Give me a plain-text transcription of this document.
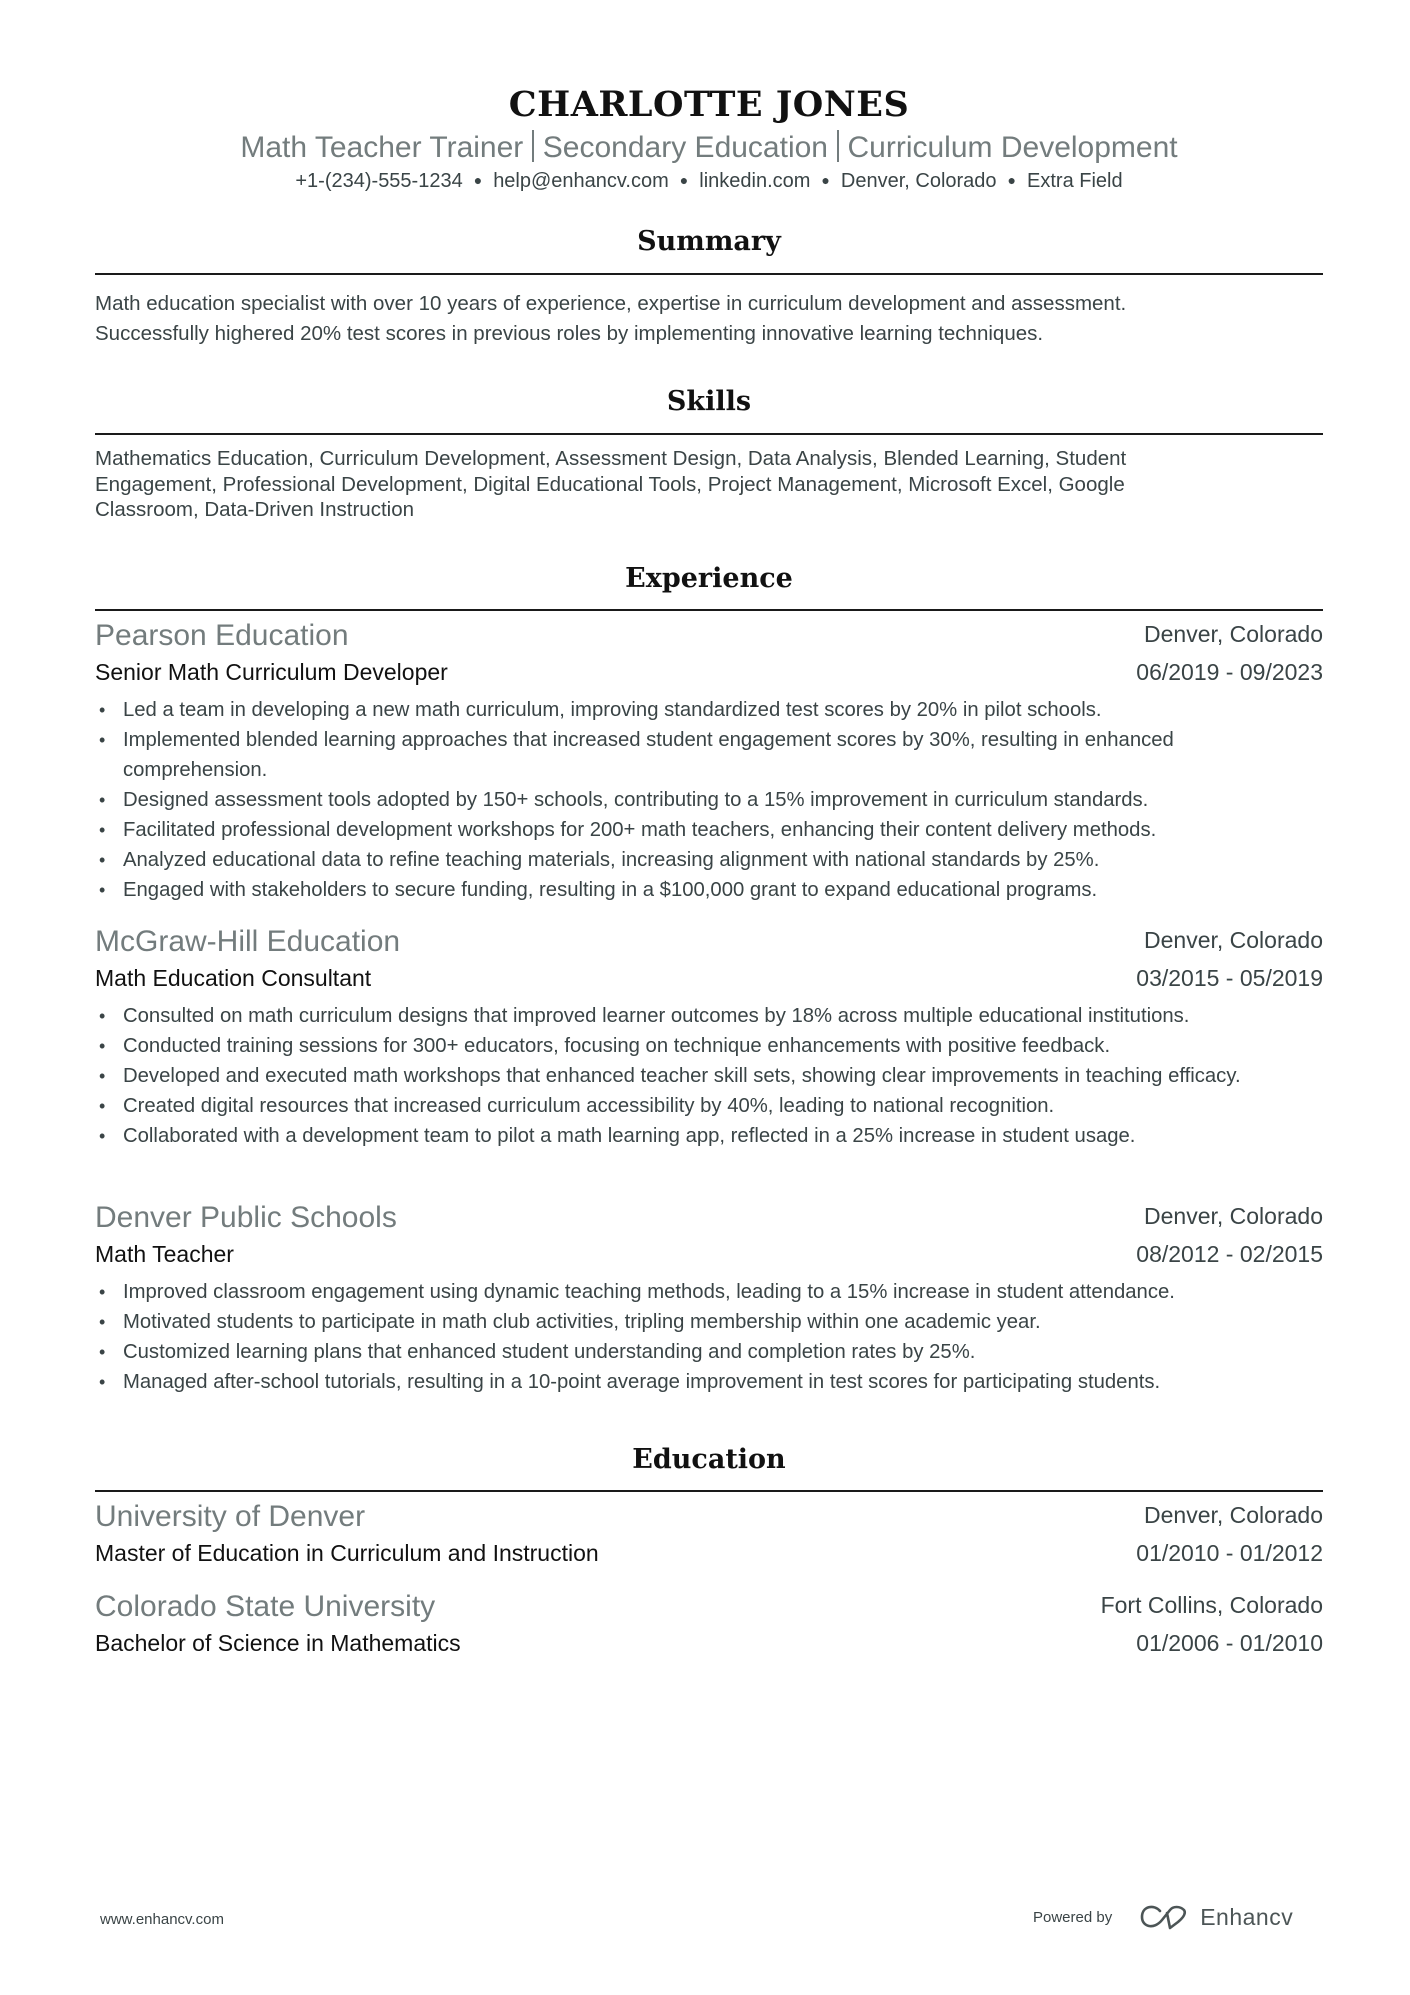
CHARLOTTE JONES
Math Teacher Trainer Secondary Education Curriculum Development
+1-(234)-555-1234 ● help@enhancv.com ● linkedin.com ● Denver, Colorado ● Extra Field
Summary
Math education specialist with over 10 years of experience, expertise in curriculum development and assessment.
Successfully highered 20% test scores in previous roles by implementing innovative learning techniques.
Skills
Mathematics Education, Curriculum Development, Assessment Design, Data Analysis, Blended Learning, Student
Engagement, Professional Development, Digital Educational Tools, Project Management, Microsoft Excel, Google
Classroom, Data-Driven Instruction
Experience
Pearson Education	Denver, Colorado
Senior Math Curriculum Developer	06/2019 - 09/2023
• Led a team in developing a new math curriculum, improving standardized test scores by 20% in pilot schools.
• Implemented blended learning approaches that increased student engagement scores by 30%, resulting in enhanced comprehension.
• Designed assessment tools adopted by 150+ schools, contributing to a 15% improvement in curriculum standards.
• Facilitated professional development workshops for 200+ math teachers, enhancing their content delivery methods.
• Analyzed educational data to refine teaching materials, increasing alignment with national standards by 25%.
• Engaged with stakeholders to secure funding, resulting in a $100,000 grant to expand educational programs.
McGraw-Hill Education	Denver, Colorado
Math Education Consultant	03/2015 - 05/2019
• Consulted on math curriculum designs that improved learner outcomes by 18% across multiple educational institutions.
• Conducted training sessions for 300+ educators, focusing on technique enhancements with positive feedback.
• Developed and executed math workshops that enhanced teacher skill sets, showing clear improvements in teaching efficacy.
• Created digital resources that increased curriculum accessibility by 40%, leading to national recognition.
• Collaborated with a development team to pilot a math learning app, reflected in a 25% increase in student usage.
Denver Public Schools	Denver, Colorado
Math Teacher	08/2012 - 02/2015
• Improved classroom engagement using dynamic teaching methods, leading to a 15% increase in student attendance.
• Motivated students to participate in math club activities, tripling membership within one academic year.
• Customized learning plans that enhanced student understanding and completion rates by 25%.
• Managed after-school tutorials, resulting in a 10-point average improvement in test scores for participating students.
Education
University of Denver	Denver, Colorado
Master of Education in Curriculum and Instruction	01/2010 - 01/2012
Colorado State University	Fort Collins, Colorado
Bachelor of Science in Mathematics	01/2006 - 01/2010
www.enhancv.com	Powered by	Enhancv
